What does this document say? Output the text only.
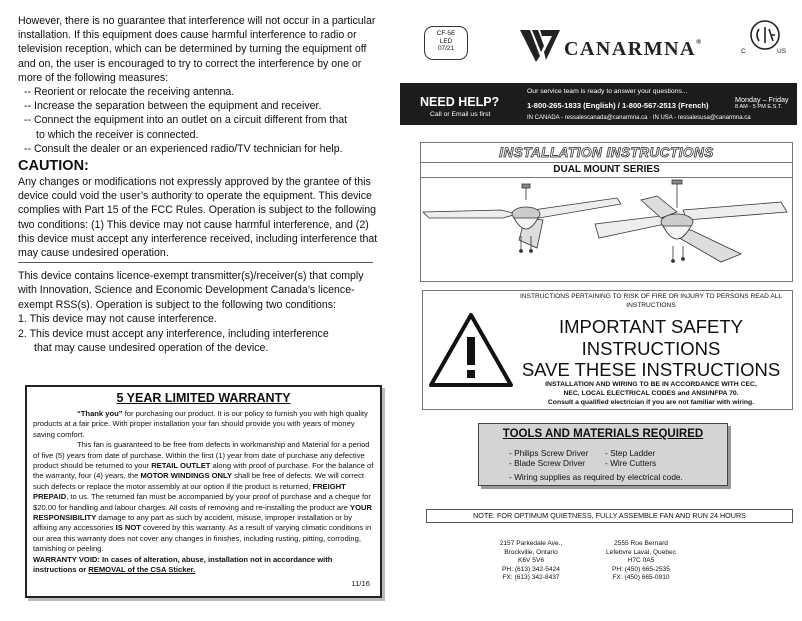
However, there is no guarantee that interference will not occur in a particular installation. If this equipment does cause harmful interference to radio or television reception, which can be determined by turning the equipment off and on, the user is encouraged to try to correct the interference by one or more of the following measures:
-- Reorient or relocate the receiving antenna.
-- Increase the separation between the equipment and receiver.
-- Connect the equipment into an outlet on a circuit different from that
to which the receiver is connected.
-- Consult the dealer or an experienced radio/TV technician for help.
CAUTION:
Any changes or modifications not expressly approved by the grantee of this device could void the user’s authority to operate the equipment. This device complies with Part 15 of the FCC Rules. Operation is subject to the following two conditions: (1) This device may not cause harmful interference, and (2) this device must accept any interference received, including interference that may cause undesired operation.
This device contains licence-exempt transmitter(s)/receiver(s) that comply with Innovation, Science and Economic Development Canada’s licence-exempt RSS(s). Operation is subject to the following two conditions:
1. This device may not cause interference.
2. This device must accept any interference, including interference
that may cause undesired operation of the device.
5 YEAR LIMITED WARRANTY
“Thank you” for purchasing our product. It is our policy to furnish you with high quality products at a fair price. With proper installation your fan should provide you with years of money saving comfort.
This fan is guaranteed to be free from defects in workmanship and Material for a period of five (5) years from date of purchase. Within the first (1) year from date of purchase any defective product should be returned to your RETAIL OUTLET along with proof of purchase. For the balance of the warranty, four (4) years, the MOTOR WINDINGS ONLY shall be free of defects. We will correct such defects or replace the motor assembly at our option if the product is returned, FREIGHT PREPAID, to us. The returned fan must be accompanied by your proof of purchase and a cheque for $20.00 for handling and labour charges. All costs of removing and re-installing the product are YOUR RESPONSIBILITY damage to any part as such by accident, misuse, improper installation or by affixing any accessories IS NOT covered by this warranty. As a result of varying climatic conditions in our area this warranty does not cover any changes in finishes, including rusting, pitting, corroding, tarnishing or peeling.
WARRANTY VOID: In cases of alteration, abuse, installation not in accordance with instructions or REMOVAL of the CSA Sticker.
11/16
CF-5E
LED
07/21	CANARMNA®
C	US
NEED HELP?
Call or Email us first
Our service team is ready to answer your questions...
1-800-265-1833 (English) / 1-800-567-2513 (French)
IN CANADA - ressalescanada@canarmna.ca · IN USA - ressalesusa@canarmna.ca
Monday – Friday
8 AM - 5 PM E.S.T.
INSTALLATION INSTRUCTIONS
DUAL MOUNT SERIES
INSTRUCTIONS PERTAINING TO RISK OF FIRE OR INJURY TO PERSONS READ ALL INSTRUCTIONS
IMPORTANT SAFETY
INSTRUCTIONS
SAVE THESE INSTRUCTIONS
INSTALLATION AND WIRING TO BE IN ACCORDANCE WITH CEC,
NEC, LOCAL ELECTRICAL CODES and ANSI/NFPA 70.
Consult a qualified electrician if you are not familiar with wiring.
TOOLS AND MATERIALS REQUIRED
- Philips Screw Driver
- Blade Screw Driver
- Step Ladder
- Wire Cutters
- Wiring supplies as required by electrical code.
NOTE: FOR OPTIMUM QUIETNESS, FULLY ASSEMBLE FAN AND RUN 24 HOURS
2157 Parkedale Ave.,
Brockville, Ontario
K6V 5V6
PH: (613) 342-5424
FX: (613) 342-8437
2555 Rue Bernard
Lefebvre Laval, Quebec
H7C 0A5
PH: (450) 665-2535
FX: (450) 665-0910
